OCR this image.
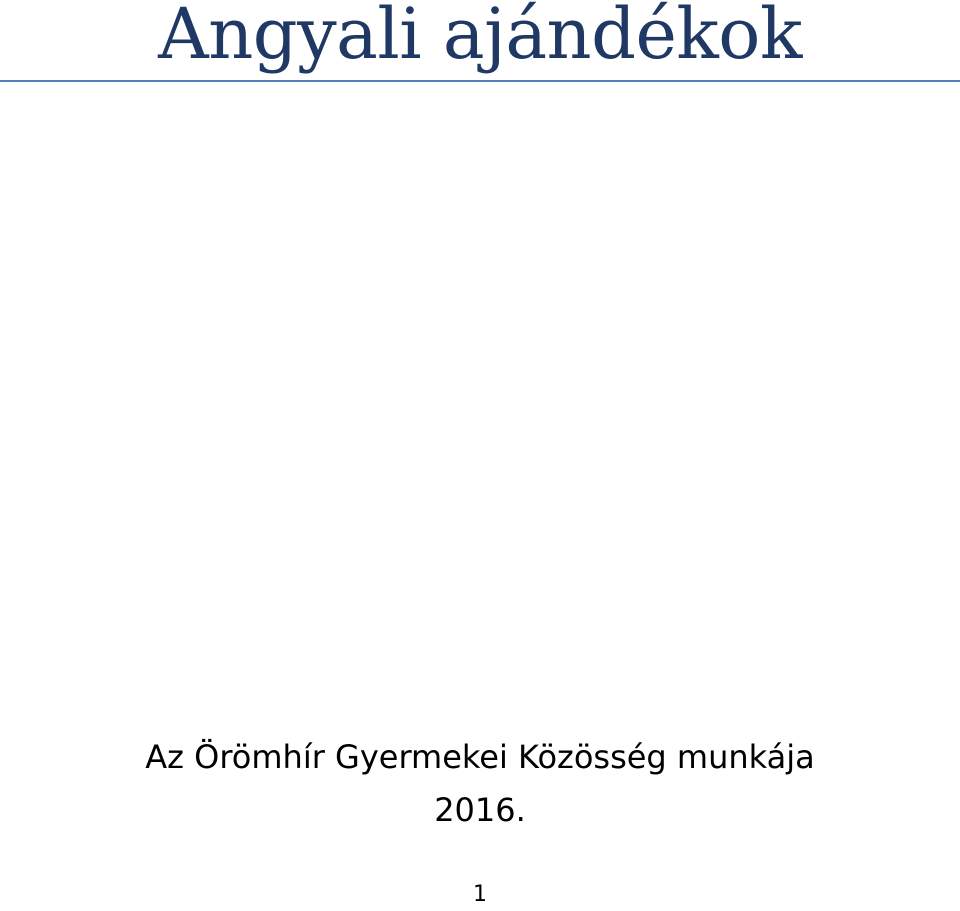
Angyali ajándékok
Az Örömhír Gyermekei Közösség munkája
2016.
1
